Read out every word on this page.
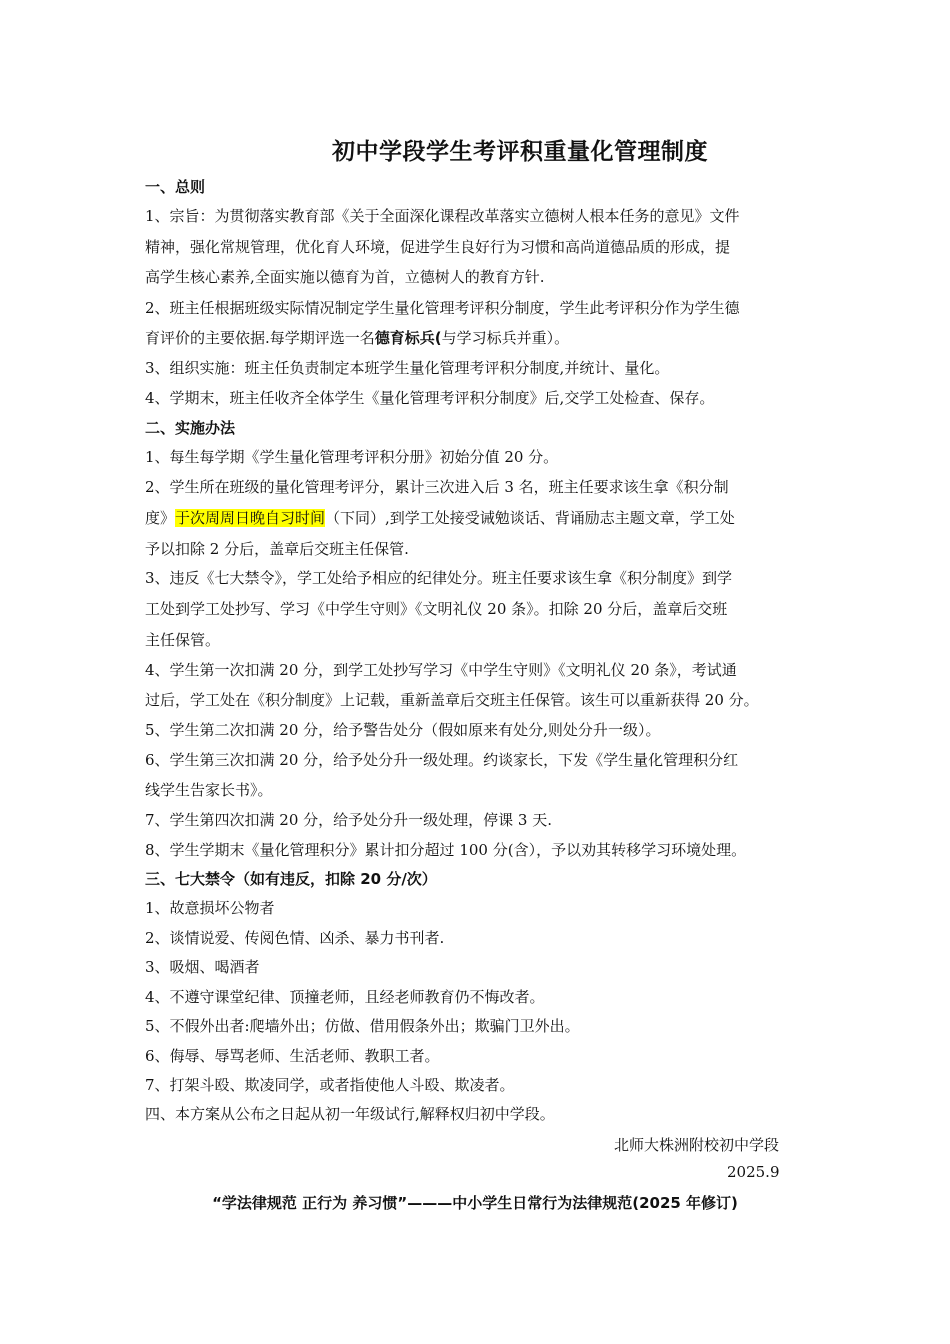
初中学段学生考评积重量化管理制度
一、总则
1、宗旨：为贯彻落实教育部《关于全面深化课程改革落实立德树人根本任务的意见》文件
精神，强化常规管理，优化育人环境，促进学生良好行为习惯和高尚道德品质的形成，提
高学生核心素养,全面实施以德育为首，立德树人的教育方针.
2、班主任根据班级实际情况制定学生量化管理考评积分制度，学生此考评积分作为学生德
育评价的主要依据.每学期评选一名德育标兵(与学习标兵并重）。
3、组织实施：班主任负责制定本班学生量化管理考评积分制度,并统计、量化。
4、学期末，班主任收齐全体学生《量化管理考评积分制度》后,交学工处检查、保存。
二、实施办法
1、每生每学期《学生量化管理考评积分册》初始分值 20 分。
2、学生所在班级的量化管理考评分，累计三次进入后 3 名，班主任要求该生拿《积分制
度》于次周周日晚自习时间（下同）,到学工处接受诫勉谈话、背诵励志主题文章，学工处
予以扣除 2 分后，盖章后交班主任保管.
3、违反《七大禁令》，学工处给予相应的纪律处分。班主任要求该生拿《积分制度》到学
工处到学工处抄写、学习《中学生守则》《文明礼仪 20 条》。扣除 20 分后，盖章后交班
主任保管。
4、学生第一次扣满 20 分，到学工处抄写学习《中学生守则》《文明礼仪 20 条》，考试通
过后，学工处在《积分制度》上记载，重新盖章后交班主任保管。该生可以重新获得 20 分。
5、学生第二次扣满 20 分，给予警告处分（假如原来有处分,则处分升一级）。
6、学生第三次扣满 20 分，给予处分升一级处理。约谈家长，下发《学生量化管理积分红
线学生告家长书》。
7、学生第四次扣满 20 分，给予处分升一级处理，停课 3 天.
8、学生学期末《量化管理积分》累计扣分超过 100 分(含），予以劝其转移学习环境处理。
三、七大禁令（如有违反，扣除 20 分/次）
1、故意损坏公物者
2、谈情说爱、传阅色情、凶杀、暴力书刊者.
3、吸烟、喝酒者
4、不遵守课堂纪律、顶撞老师，且经老师教育仍不悔改者。
5、不假外出者:爬墙外出；仿做、借用假条外出；欺骗门卫外出。
6、侮辱、辱骂老师、生活老师、教职工者。
7、打架斗殴、欺凌同学，或者指使他人斗殴、欺凌者。
四、本方案从公布之日起从初一年级试行,解释权归初中学段。
北师大株洲附校初中学段
2025.9
“学法律规范 正行为 养习惯”———中小学生日常行为法律规范(2025 年修订)
